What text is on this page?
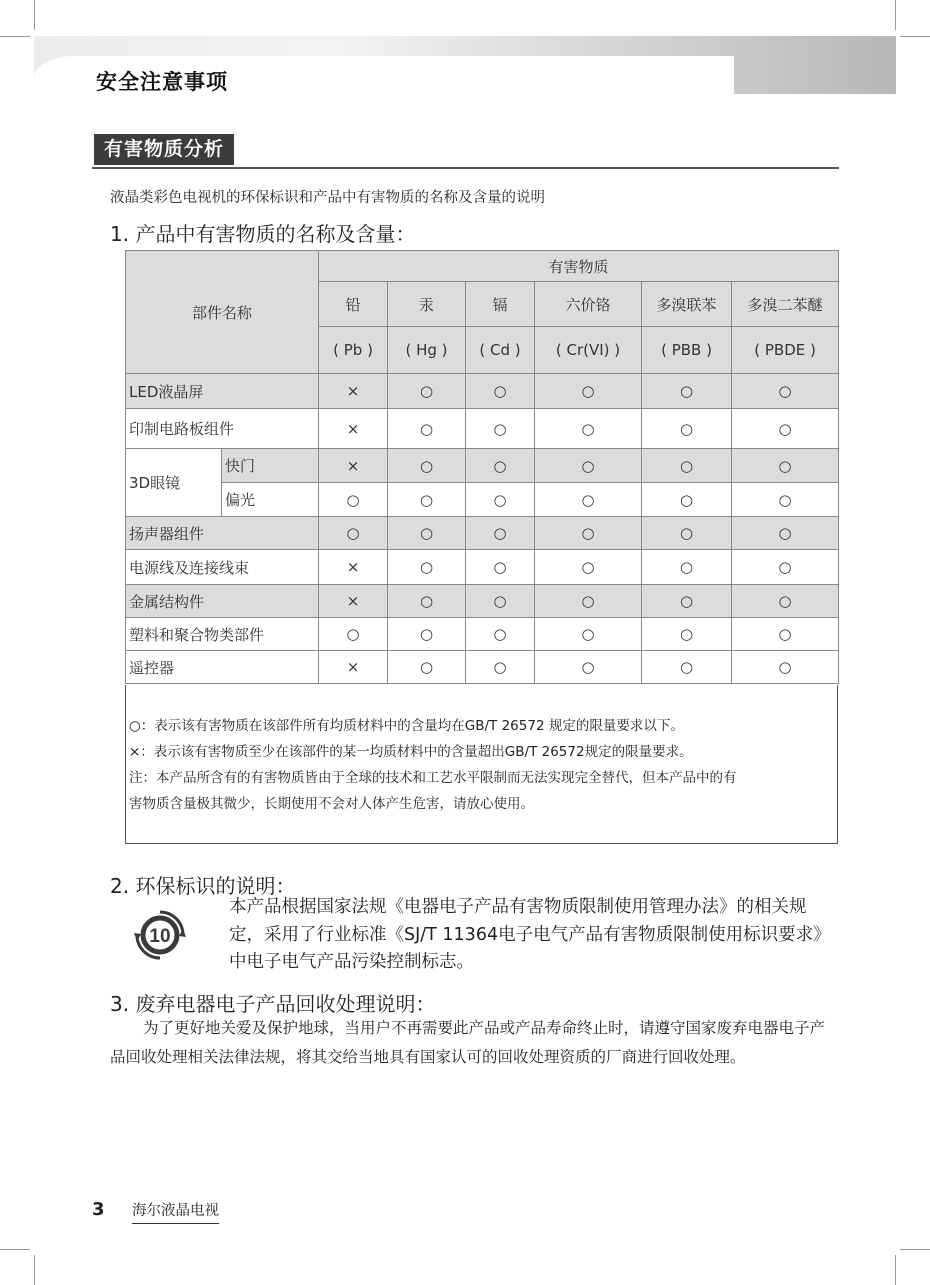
安全注意事项
有害物质分析
液晶类彩色电视机的环保标识和产品中有害物质的名称及含量的说明
1. 产品中有害物质的名称及含量：
部件名称		有害物质					
		铅	汞	镉	六价铬	多溴联苯	多溴二苯醚
		( Pb )	( Hg )	( Cd )	( Cr(VI) )	( PBB )	( PBDE )
LED液晶屏		×	○	○	○	○	○
印制电路板组件		×	○	○	○	○	○
3D眼镜	快门	×	○	○	○	○	○
	偏光	○	○	○	○	○	○
扬声器组件		○	○	○	○	○	○
电源线及连接线束		×	○	○	○	○	○
金属结构件		×	○	○	○	○	○
塑料和聚合物类部件		○	○	○	○	○	○
遥控器		×	○	○	○	○	○
○：表示该有害物质在该部件所有均质材料中的含量均在GB/T 26572 规定的限量要求以下。
×：表示该有害物质至少在该部件的某一均质材料中的含量超出GB/T 26572规定的限量要求。
注：本产品所含有的有害物质皆由于全球的技术和工艺水平限制而无法实现完全替代，但本产品中的有
害物质含量极其微少，长期使用不会对人体产生危害，请放心使用。
2. 环保标识的说明：
10
本产品根据国家法规《电器电子产品有害物质限制使用管理办法》的相关规定，采用了行业标准《SJ/T 11364电子电气产品有害物质限制使用标识要求》中电子电气产品污染控制标志。
3. 废弃电器电子产品回收处理说明：
为了更好地关爱及保护地球，当用户不再需要此产品或产品寿命终止时，请遵守国家废弃电器电子产品回收处理相关法律法规，将其交给当地具有国家认可的回收处理资质的厂商进行回收处理。
3 海尔液晶电视
